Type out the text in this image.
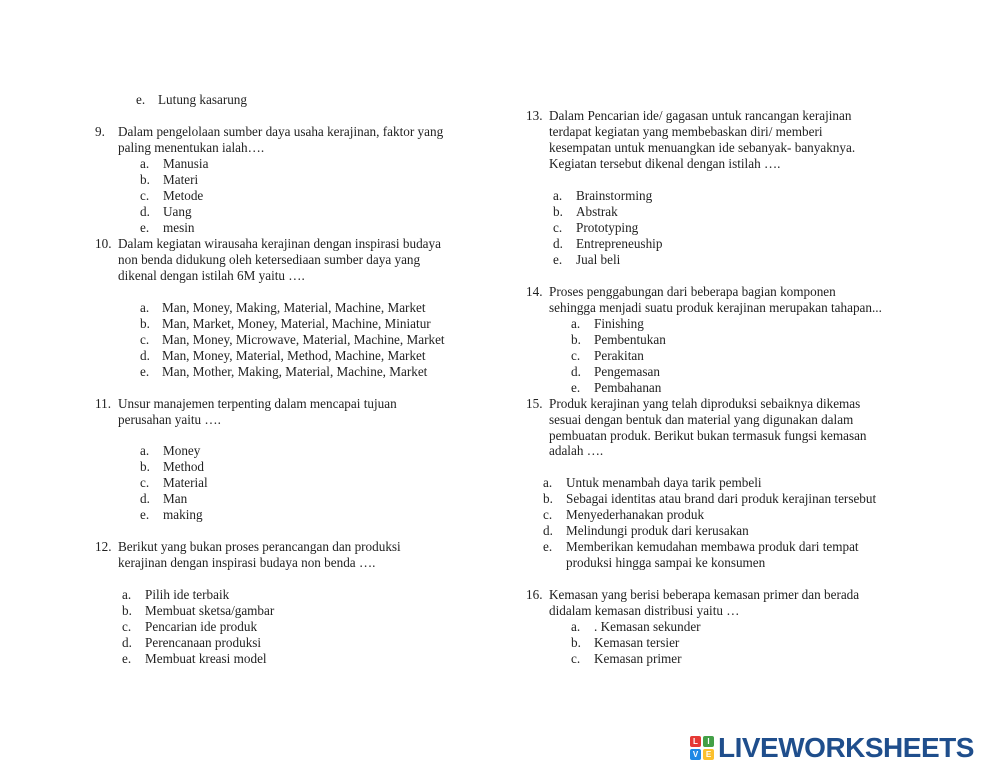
e. Lutung kasarung
9. Dalam pengelolaan sumber daya usaha kerajinan, faktor yang
paling menentukan ialah….
a. Manusia
b. Materi
c. Metode
d. Uang
e. mesin
10. Dalam kegiatan wirausaha kerajinan dengan inspirasi budaya
non benda didukung oleh ketersediaan sumber daya yang
dikenal dengan istilah 6M yaitu ….
a. Man, Money, Making, Material, Machine, Market
b. Man, Market, Money, Material, Machine, Miniatur
c. Man, Money, Microwave, Material, Machine, Market
d. Man, Money, Material, Method, Machine, Market
e. Man, Mother, Making, Material, Machine, Market
11. Unsur manajemen terpenting dalam mencapai tujuan
perusahan yaitu ….
a. Money
b. Method
c. Material
d. Man
e. making
12. Berikut yang bukan proses perancangan dan produksi
kerajinan dengan inspirasi budaya non benda ….
a. Pilih ide terbaik
b. Membuat sketsa/gambar
c. Pencarian ide produk
d. Perencanaan produksi
e. Membuat kreasi model
13. Dalam Pencarian ide/ gagasan untuk rancangan kerajinan
terdapat kegiatan yang membebaskan diri/ memberi
kesempatan untuk menuangkan ide sebanyak- banyaknya.
Kegiatan tersebut dikenal dengan istilah ….
a. Brainstorming
b. Abstrak
c. Prototyping
d. Entrepreneuship
e. Jual beli
14. Proses penggabungan dari beberapa bagian komponen
sehingga menjadi suatu produk kerajinan merupakan tahapan...
a. Finishing
b. Pembentukan
c. Perakitan
d. Pengemasan
e. Pembahanan
15. Produk kerajinan yang telah diproduksi sebaiknya dikemas
sesuai dengan bentuk dan material yang digunakan dalam
pembuatan produk. Berikut bukan termasuk fungsi kemasan
adalah ….
a. Untuk menambah daya tarik pembeli
b. Sebagai identitas atau brand dari produk kerajinan tersebut
c. Menyederhanakan produk
d. Melindungi produk dari kerusakan
e. Memberikan kemudahan membawa produk dari tempat
produksi hingga sampai ke konsumen
16. Kemasan yang berisi beberapa kemasan primer dan berada
didalam kemasan distribusi yaitu …
a. . Kemasan sekunder
b. Kemasan tersier
c. Kemasan primer
L	I
V E LIVEWORKSHEETS
